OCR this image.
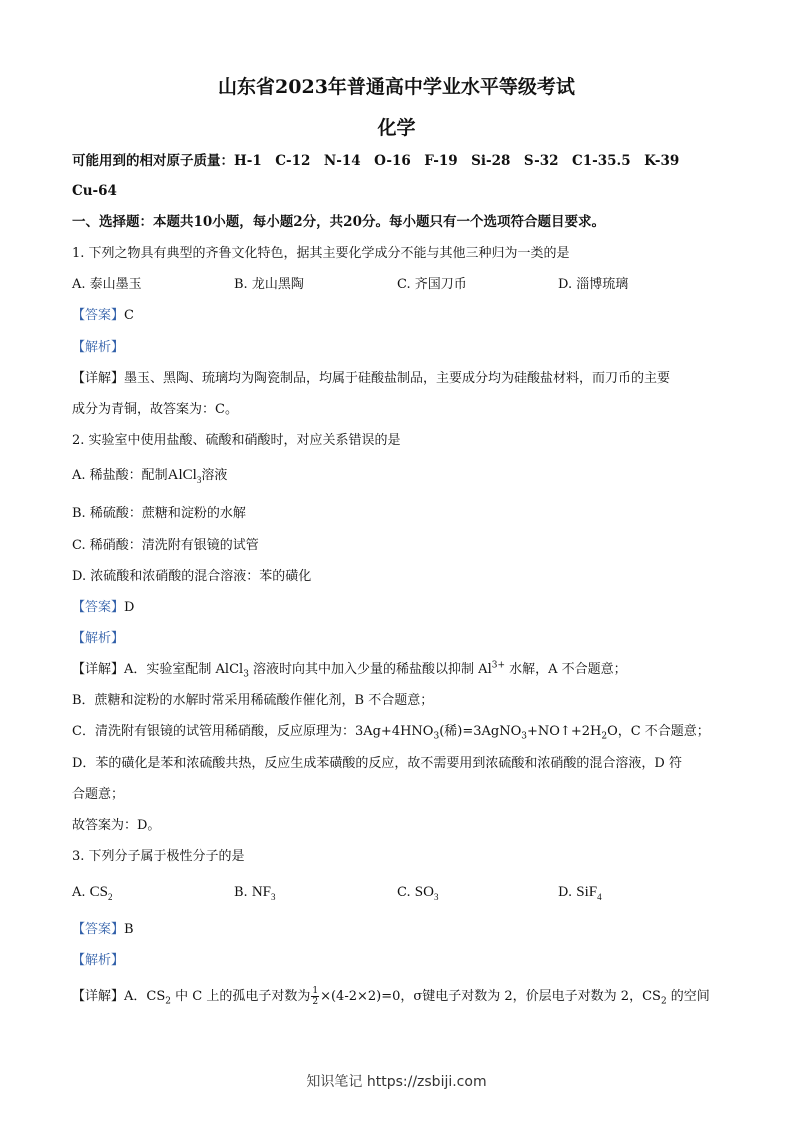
山东省2023年普通高中学业水平等级考试
化学
可能用到的相对原子质量：H-1　C-12　N-14　O-16　F-19　Si-28　S-32　C1-35.5　K-39
Cu-64
一、选择题：本题共10小题，每小题2分，共20分。每小题只有一个选项符合题目要求。
1. 下列之物具有典型的齐鲁文化特色，据其主要化学成分不能与其他三种归为一类的是
A. 泰山墨玉	B. 龙山黑陶	C. 齐国刀币	D. 淄博琉璃
【答案】C
【解析】
【详解】墨玉、黑陶、琉璃均为陶瓷制品，均属于硅酸盐制品，主要成分均为硅酸盐材料，而刀币的主要
成分为青铜，故答案为：C。
2. 实验室中使用盐酸、硫酸和硝酸时，对应关系错误的是
A. 稀盐酸：配制AlCl$_3$溶液
B. 稀硫酸：蔗糖和淀粉的水解
C. 稀硝酸：清洗附有银镜的试管
D. 浓硫酸和浓硝酸的混合溶液：苯的磺化
【答案】D
【解析】
【详解】A．实验室配制 AlCl$_3$ 溶液时向其中加入少量的稀盐酸以抑制 $Al^{3+}$ 水解，A 不合题意；
B．蔗糖和淀粉的水解时常采用稀硫酸作催化剂，B 不合题意；
C．清洗附有银镜的试管用稀硝酸，反应原理为：$3Ag+4HNO_3$(稀)$=3AgNO_3+NO↑+2H_2O$，C 不合题意；
D．苯的磺化是苯和浓硫酸共热，反应生成苯磺酸的反应，故不需要用到浓硫酸和浓硝酸的混合溶液，D 符
合题意；
故答案为：D。
3. 下列分子属于极性分子的是
A. $CS_2$	B. $NF_3$	C. $SO_3$	D. SiF$_4$
【答案】B
【解析】
【详解】A．$CS_2$ 中 C 上的孤电子对数为 $\frac{1}{2} \times(4-2\times 2)=0$，σ键电子对数为 2，价层电子对数为 2，$CS_2$ 的空间
知识笔记 https://zsbiji.com
